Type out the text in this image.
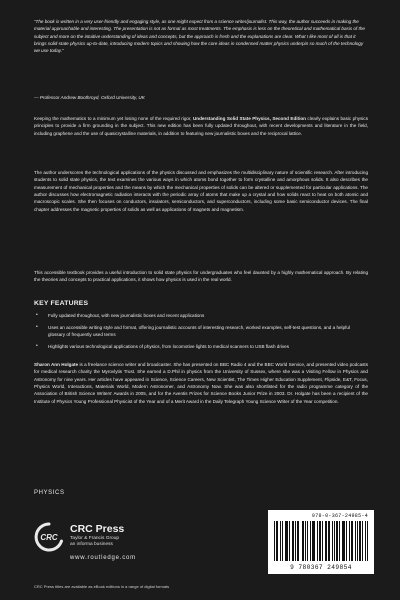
“The book is written in a very user-friendly and engaging style, as one might expect from a science writer/journalist. This way, the author succeeds in making the material approachable and interesting. The presentation is not as formal as most treatments. The emphasis is less on the theoretical and mathematical basis of the subject and more on the intuitive understanding of ideas and concepts, but the approach is fresh and the explanations are clear. What I like most of all is that it brings solid-state physics up-to-date, introducing modern topics and showing how the core ideas in condensed matter physics underpin so much of the technology we use today.”

— Professor Andrew Boothroyd, Oxford University, UK

Keeping the mathematics to a minimum yet losing none of the required rigor, Understanding Solid State Physics, Second Edition clearly explains basic physics principles to provide a firm grounding in the subject. This new edition has been fully updated throughout, with recent developments and literature in the field, including graphene and the use of quasicrystalline materials, in addition to featuring new journalistic boxes and the reciprocal lattice.

The author underscores the technological applications of the physics discussed and emphasizes the multidisciplinary nature of scientific research. After introducing students to solid state physics, the text examines the various ways in which atoms bond together to form crystalline and amorphous solids. It also describes the measurement of mechanical properties and the means by which the mechanical properties of solids can be altered or supplemented for particular applications. The author discusses how electromagnetic radiation interacts with the periodic array of atoms that make up a crystal and how solids react to heat on both atomic and macroscopic scales. She then focuses on conductors, insulators, semiconductors, and superconductors, including some basic semiconductor devices. The final chapter addresses the magnetic properties of solids as well as applications of magnets and magnetism.

This accessible textbook provides a useful introduction to solid state physics for undergraduates who feel daunted by a highly mathematical approach. By relating the theories and concepts to practical applications, it shows how physics is used in the real world.

KEY FEATURES
• Fully updated throughout, with new journalistic boxes and recent applications
• Uses an accessible writing style and format, offering journalistic accounts of interesting research, worked examples, self-test questions, and a helpful glossary of frequently used terms
• Highlights various technological applications of physics, from locomotive lights to medical scanners to USB flash drives

Sharon Ann Holgate is a freelance science writer and broadcaster. She has presented on BBC Radio 4 and the BBC World Service, and presented video podcasts for medical research charity the Myrovlytis Trust. She earned a D.Phil in physics from the University of Sussex, where she was a Visiting Fellow in Physics and Astronomy for nine years. Her articles have appeared in Science, Science Careers, New Scientist, The Times Higher Education Supplement, Flipside, E&T, Focus, Physics World, Interactions, Materials World, Modern Astronomer, and Astronomy Now. She was also shortlisted for the radio programme category of the Association of British Science Writers' Awards in 2005, and for the Aventis Prizes for Science Books Junior Prize in 2003. Dr. Holgate has been a recipient of the Institute of Physics Young Professional Physicist of the Year and of a Merit Award in the Daily Telegraph Young Science Writer of the Year competition.

PHYSICS
CRC
CRC Press
Taylor & Francis Group
an informa business
www.routledge.com
CRC Press titles are available as eBook editions in a range of digital formats
978-0-367-24985-4
9 780367 249854
